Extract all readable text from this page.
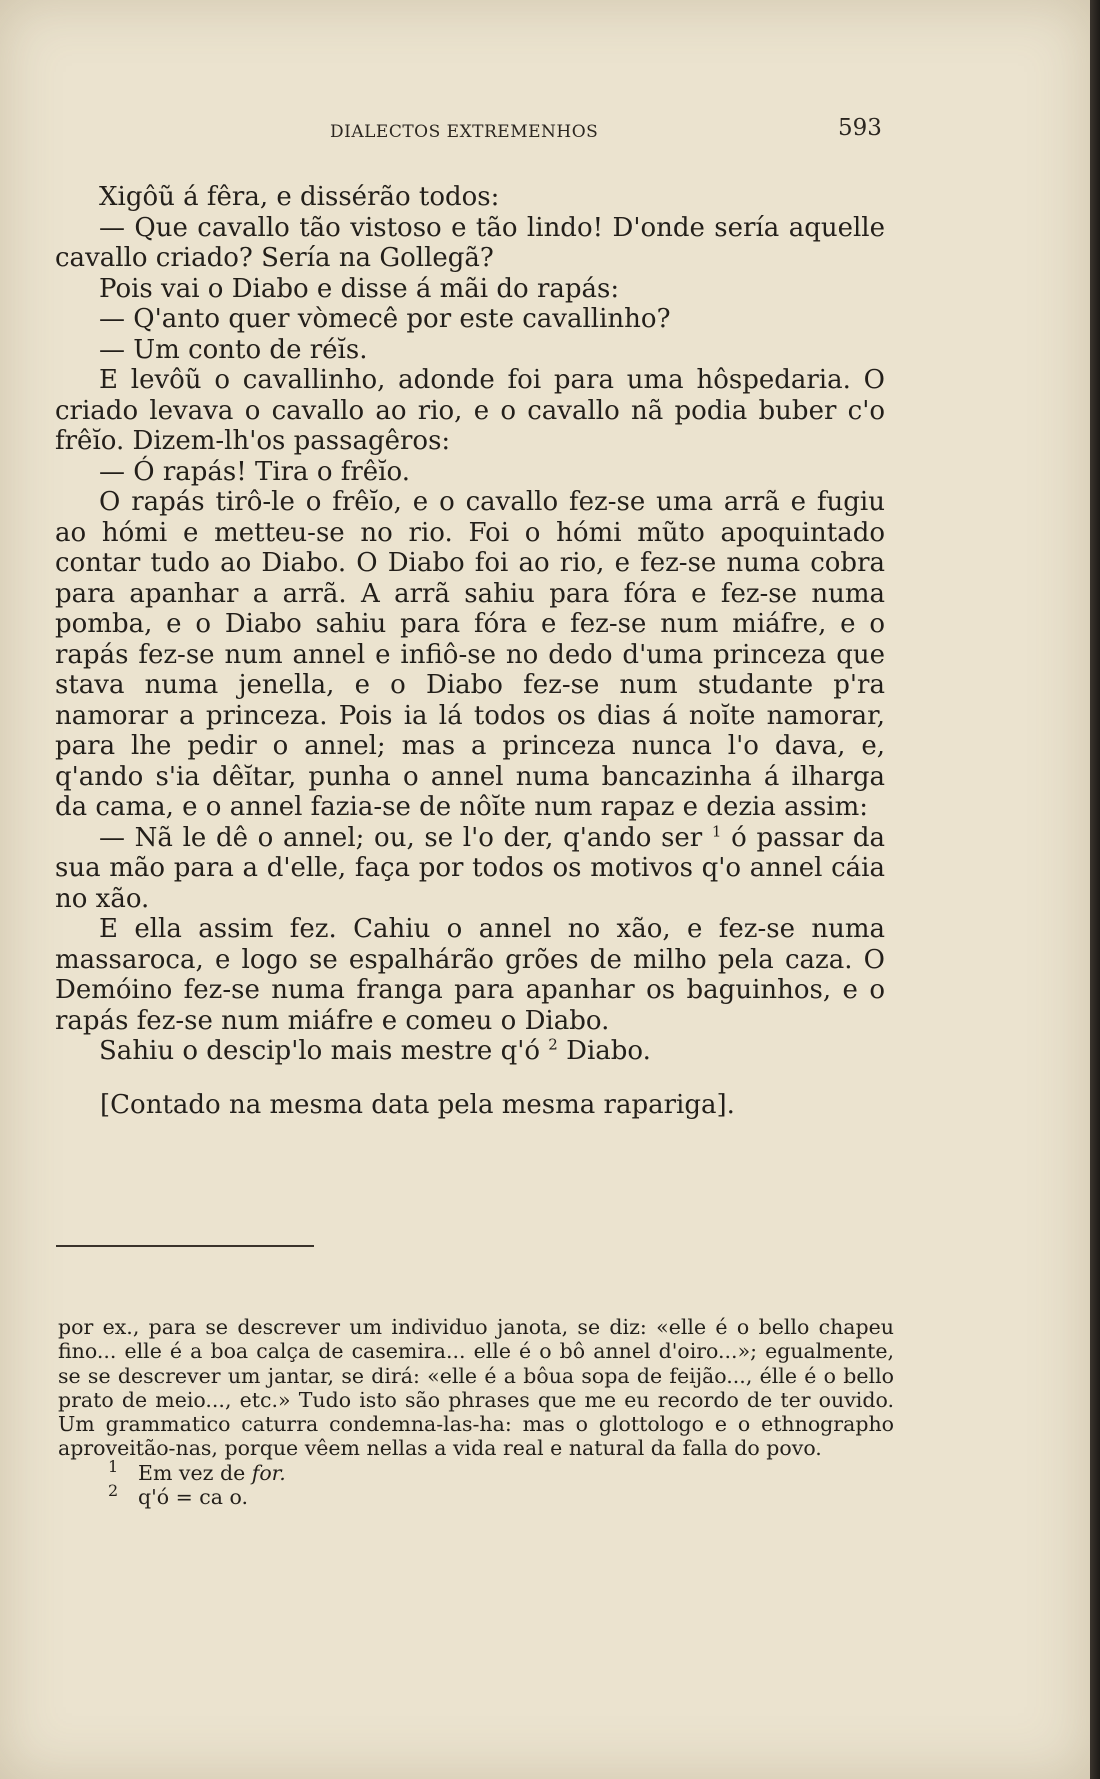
DIALECTOS EXTREMENHOS	593

Xigôũ á fêra, e dissérão todos:

— Que cavallo tão vistoso e tão lindo! D'onde sería aquelle cavallo criado? Sería na Gollegã?

Pois vai o Diabo e disse á mãi do rapás:

— Q'anto quer vòmecê por este cavallinho?

— Um conto de réĭs.

E levôũ o cavallinho, adonde foi para uma hôspedaria. O criado levava o cavallo ao rio, e o cavallo nã podia buber c'o frêĭo. Dizem-lh'os passagêros:

— Ó rapás! Tira o frêĭo.

O rapás tirô-le o frêĭo, e o cavallo fez-se uma arrã e fugiu ao hómi e metteu-se no rio. Foi o hómi mũto apoquintado contar tudo ao Diabo. O Diabo foi ao rio, e fez-se numa cobra para apanhar a arrã. A arrã sahiu para fóra e fez-se numa pomba, e o Diabo sahiu para fóra e fez-se num miáfre, e o rapás fez-se num annel e infiô-se no dedo d'uma princeza que stava numa jenella, e o Diabo fez-se num studante p'ra namorar a princeza. Pois ia lá todos os dias á noĭte namorar, para lhe pedir o annel; mas a princeza nunca l'o dava, e, q'ando s'ia dêĭtar, punha o annel numa bancazinha á ilharga da cama, e o annel fazia-se de nôĭte num rapaz e dezia assim:

— Nã le dê o annel; ou, se l'o der, q'ando ser $^1$ ó passar da sua mão para a d'elle, faça por todos os motivos q'o annel cáia no xão.

E ella assim fez. Cahiu o annel no xão, e fez-se numa massaroca, e logo se espalhárão grões de milho pela caza. O Demóino fez-se numa franga para apanhar os baguinhos, e o rapás fez-se num miáfre e comeu o Diabo.

Sahiu o descip'lo mais mestre q'ó $^2$ Diabo.

[Contado na mesma data pela mesma rapariga].

por ex., para se descrever um individuo janota, se diz: «elle é o bello chapeu fino... elle é a boa calça de casemira... elle é o bô annel d'oiro...»; egualmente, se se descrever um jantar, se dirá: «elle é a bôua sopa de feijão..., élle é o bello prato de meio..., etc.» Tudo isto são phrases que me eu recordo de ter ouvido. Um grammatico caturra condemna-las-ha: mas o glottologo e o ethnographo aproveitão-nas, porque vêem nellas a vida real e natural da falla do povo.

1 Em vez de for.

2 q'ó = ca o.
